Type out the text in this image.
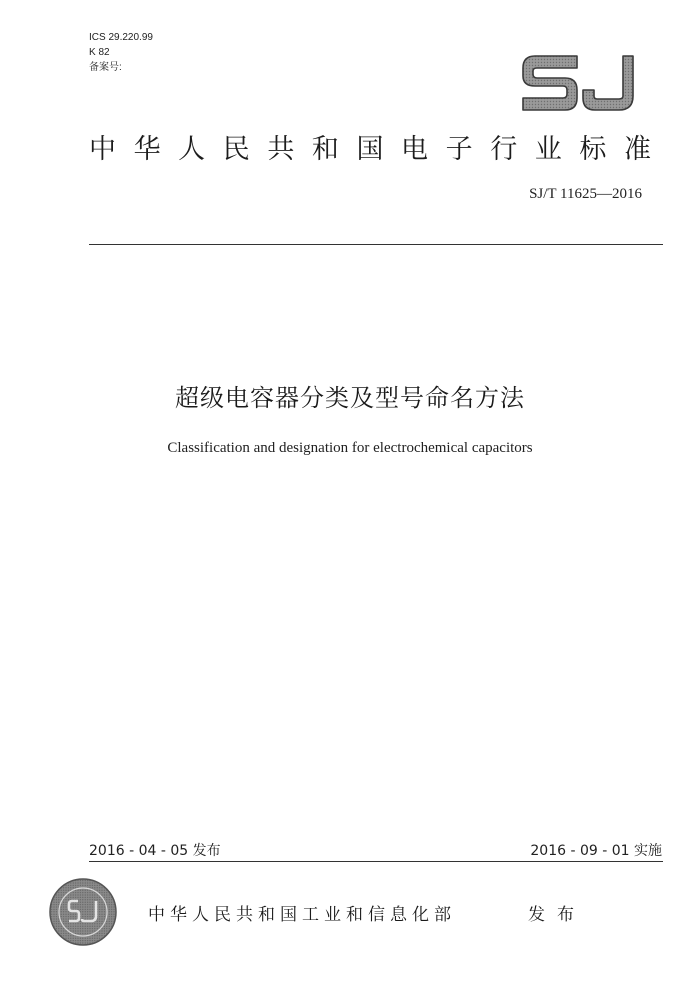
ICS 29.220.99
K 82
备案号:
中 华 人 民 共 和 国 电 子 行 业 标 准
SJ/T 11625—2016
超级电容器分类及型号命名方法
Classification and designation for electrochemical capacitors
2016 - 04 - 05 发布	2016 - 09 - 01 实施
中华人民共和国工业和信息化部	发布
